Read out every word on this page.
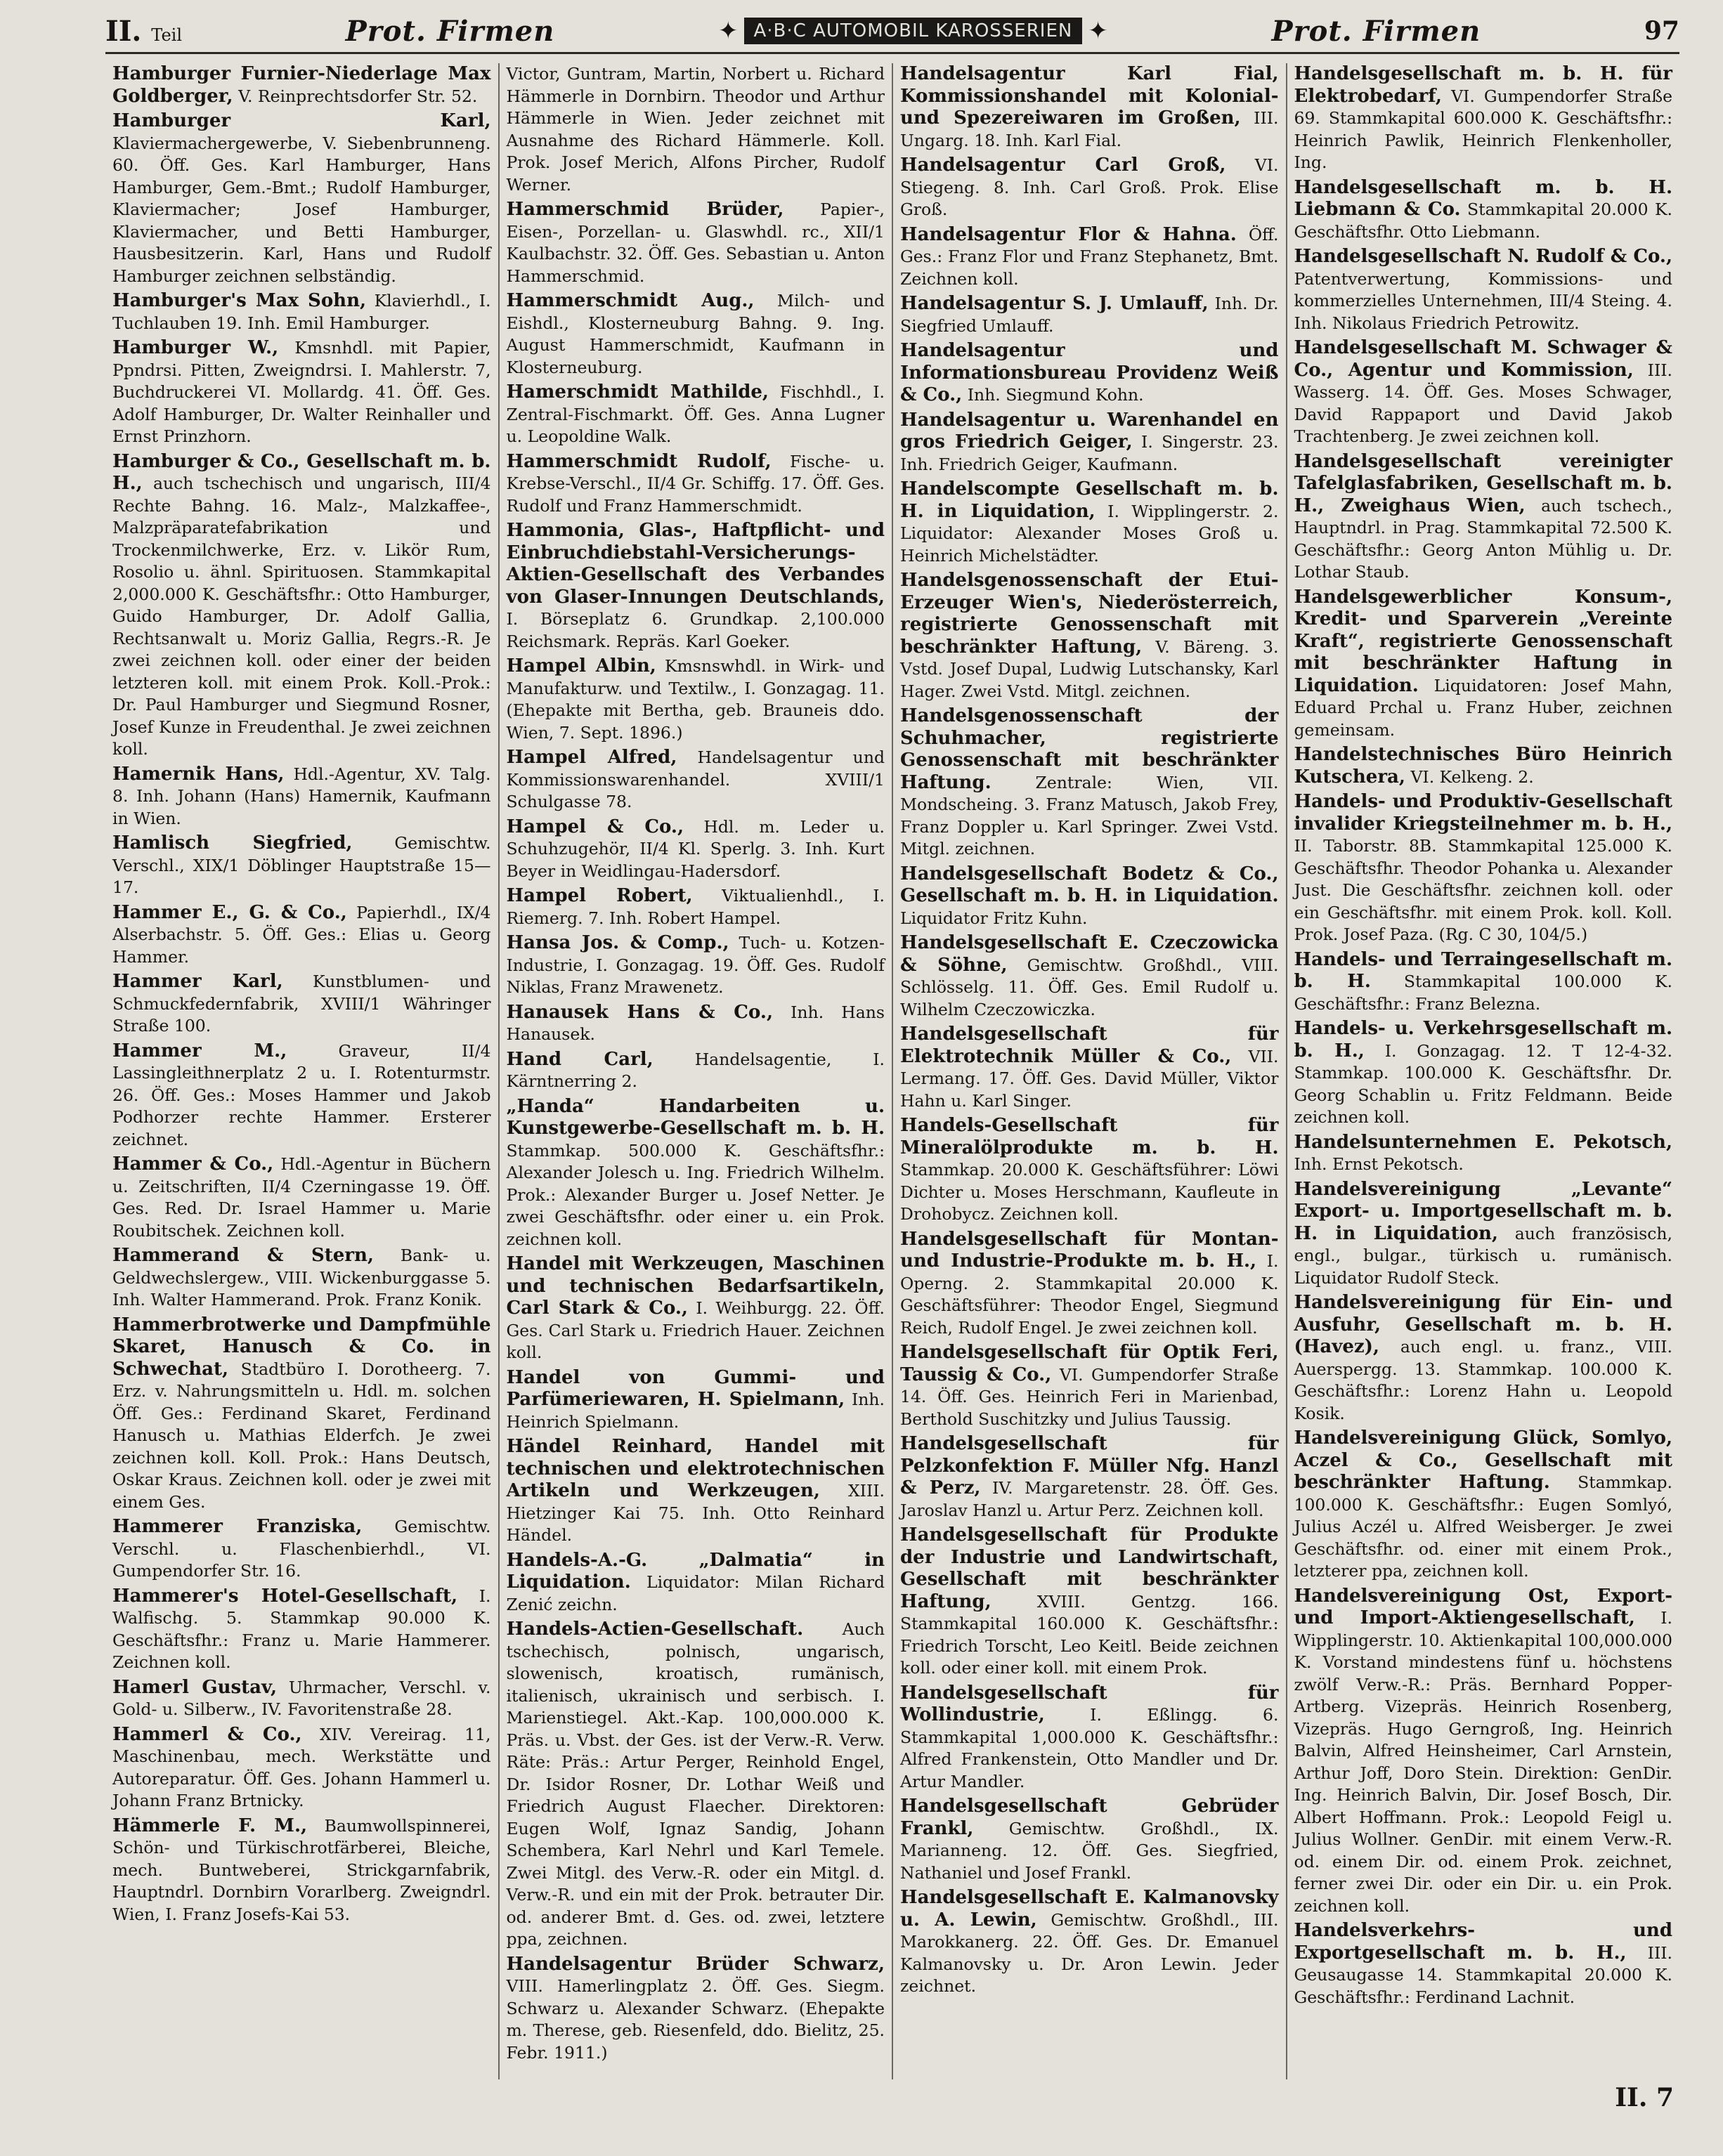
II. Teil	Prot. Firmen	✦ A·B·C AUTOMOBIL KAROSSERIEN ✦	Prot. Firmen	97

Hamburger Furnier-Niederlage Max Goldberger, V. Reinprechtsdorfer Str. 52.

Hamburger Karl, Klaviermachergewerbe, V. Siebenbrunneng. 60. Öff. Ges. Karl Hamburger, Hans Hamburger, Gem.-Bmt.; Rudolf Hamburger, Klaviermacher; Josef Hamburger, Klaviermacher, und Betti Hamburger, Hausbesitzerin. Karl, Hans und Rudolf Hamburger zeichnen selbständig.

Hamburger's Max Sohn, Klavierhdl., I. Tuchlauben 19. Inh. Emil Hamburger.

Hamburger W., Kmsnhdl. mit Papier, Ppndrsi. Pitten, Zweigndrsi. I. Mahlerstr. 7, Buchdruckerei VI. Mollardg. 41. Öff. Ges. Adolf Hamburger, Dr. Walter Reinhaller und Ernst Prinzhorn.

Hamburger & Co., Gesellschaft m. b. H., auch tschechisch und ungarisch, III/4 Rechte Bahng. 16. Malz-, Malzkaffee-, Malzpräparatefabrikation und Trockenmilchwerke, Erz. v. Likör Rum, Rosolio u. ähnl. Spirituosen. Stammkapital 2,000.000 K. Geschäftsfhr.: Otto Hamburger, Guido Hamburger, Dr. Adolf Gallia, Rechtsanwalt u. Moriz Gallia, Regrs.-R. Je zwei zeichnen koll. oder einer der beiden letzteren koll. mit einem Prok. Koll.-Prok.: Dr. Paul Hamburger und Siegmund Rosner, Josef Kunze in Freudenthal. Je zwei zeichnen koll.

Hamernik Hans, Hdl.-Agentur, XV. Talg. 8. Inh. Johann (Hans) Hamernik, Kaufmann in Wien.

Hamlisch Siegfried,	Gemischtw. Verschl., XIX/1 Döblinger Hauptstraße 15—17.

Hammer E., G. & Co., Papierhdl., IX/4 Alserbachstr. 5. Öff. Ges.: Elias u. Georg Hammer.

Hammer Karl, Kunstblumen- und Schmuckfedernfabrik, XVIII/1 Währinger Straße 100.

Hammer M.,	Graveur, II/4 Lassingleithnerplatz 2 u. I. Rotenturmstr. 26. Öff. Ges.: Moses Hammer und Jakob Podhorzer rechte Hammer. Ersterer zeichnet.

Hammer & Co., Hdl.-Agentur in Büchern u. Zeitschriften, II/4 Czerningasse 19. Öff. Ges. Red. Dr. Israel Hammer u. Marie Roubitschek. Zeichnen koll.

Hammerand & Stern, Bank- u. Geldwechslergew., VIII. Wickenburggasse 5. Inh. Walter Hammerand. Prok. Franz Konik.

Hammerbrotwerke und Dampfmühle Skaret, Hanusch & Co. in Schwechat, Stadtbüro I. Dorotheerg. 7. Erz. v. Nahrungsmitteln u. Hdl. m. solchen Öff. Ges.: Ferdinand Skaret, Ferdinand Hanusch u. Mathias Elderfch. Je zwei zeichnen koll. Koll. Prok.: Hans Deutsch, Oskar Kraus. Zeichnen koll. oder je zwei mit einem Ges.

Hammerer Franziska, Gemischtw. Verschl. u. Flaschenbierhdl., VI. Gumpendorfer Str. 16.

Hammerer's Hotel-Gesellschaft, I. Walfischg. 5. Stammkap 90.000 K. Geschäftsfhr.: Franz u. Marie Hammerer. Zeichnen koll.

Hamerl Gustav, Uhrmacher, Verschl. v. Gold- u. Silberw., IV. Favoritenstraße 28.

Hammerl & Co., XIV. Vereirag. 11, Maschinenbau, mech. Werkstätte und Autoreparatur. Öff. Ges. Johann Hammerl u. Johann Franz Brtnicky.

Hämmerle F. M., Baumwollspinnerei, Schön- und Türkischrotfärberei, Bleiche, mech. Buntweberei, Strickgarnfabrik, Hauptndrl. Dornbirn Vorarlberg. Zweigndrl. Wien, I. Franz Josefs-Kai 53.

Victor, Guntram, Martin, Norbert u. Richard Hämmerle in Dornbirn. Theodor und Arthur Hämmerle in Wien. Jeder zeichnet mit Ausnahme des Richard Hämmerle. Koll. Prok. Josef Merich, Alfons Pircher, Rudolf Werner.

Hammerschmid Brüder, Papier-, Eisen-, Porzellan- u. Glaswhdl. rc., XII/1 Kaulbachstr. 32. Öff. Ges. Sebastian u. Anton Hammerschmid.

Hammerschmidt Aug., Milch- und Eishdl., Klosterneuburg Bahng. 9. Ing. August Hammerschmidt, Kaufmann in Klosterneuburg.

Hamerschmidt Mathilde, Fischhdl., I. Zentral-Fischmarkt. Öff. Ges. Anna Lugner u. Leopoldine Walk.

Hammerschmidt Rudolf, Fische- u. Krebse-Verschl., II/4 Gr. Schiffg. 17. Öff. Ges. Rudolf und Franz Hammerschmidt.

Hammonia, Glas-, Haftpflicht- und Einbruchdiebstahl-Versicherungs-Aktien-Gesellschaft des Verbandes von Glaser-Innungen Deutschlands, I. Börseplatz 6. Grundkap. 2,100.000 Reichsmark. Repräs. Karl Goeker.

Hampel Albin, Kmsnswhdl. in Wirk- und Manufakturw. und Textilw., I. Gonzagag. 11. (Ehepakte mit Bertha, geb. Brauneis ddo. Wien, 7. Sept. 1896.)

Hampel Alfred, Handelsagentur und Kommissionswarenhandel. XVIII/1 Schulgasse 78.

Hampel & Co., Hdl. m. Leder u. Schuhzugehör, II/4 Kl. Sperlg. 3. Inh. Kurt Beyer in Weidlingau-Hadersdorf.

Hampel Robert, Viktualienhdl., I. Riemerg. 7. Inh. Robert Hampel.

Hansa Jos. & Comp., Tuch- u. Kotzen-Industrie, I. Gonzagag. 19. Öff. Ges. Rudolf Niklas, Franz Mrawenetz.

Hanausek Hans & Co., Inh. Hans Hanausek.

Hand Carl,	Handelsagentie, I. Kärntnerring 2.

„Handa“ Handarbeiten u. Kunstgewerbe-Gesellschaft m. b. H. Stammkap. 500.000 K. Geschäftsfhr.: Alexander Jolesch u. Ing. Friedrich Wilhelm. Prok.: Alexander Burger u. Josef Netter. Je zwei Geschäftsfhr. oder einer u. ein Prok. zeichnen koll.

Handel mit Werkzeugen, Maschinen und technischen Bedarfsartikeln, Carl Stark & Co., I. Weihburgg. 22. Öff. Ges. Carl Stark u. Friedrich Hauer. Zeichnen koll.

Handel von Gummi- und Parfümeriewaren, H. Spielmann, Inh. Heinrich Spielmann.

Händel Reinhard, Handel mit technischen und elektrotechnischen Artikeln und Werkzeugen, XIII. Hietzinger Kai 75. Inh. Otto Reinhard Händel.

Handels-A.-G. „Dalmatia“ in Liquidation. Liquidator: Milan Richard Zenić zeichn.

Handels-Actien-Gesellschaft. Auch tschechisch, polnisch, ungarisch, slowenisch, kroatisch, rumänisch, italienisch, ukrainisch und serbisch. I. Marienstiegel. Akt.-Kap. 100,000.000 K. Präs. u. Vbst. der Ges. ist der Verw.-R. Verw. Räte: Präs.: Artur Perger, Reinhold Engel, Dr. Isidor Rosner, Dr. Lothar Weiß und Friedrich August Flaecher. Direktoren: Eugen Wolf, Ignaz Sandig, Johann Schembera, Karl Nehrl und Karl Temele. Zwei Mitgl. des Verw.-R. oder ein Mitgl. d. Verw.-R. und ein mit der Prok. betrauter Dir. od. anderer Bmt. d. Ges. od. zwei, letztere ppa, zeichnen.

Handelsagentur Brüder Schwarz, VIII. Hamerlingplatz 2. Öff. Ges. Siegm. Schwarz u. Alexander Schwarz. (Ehepakte m. Therese, geb. Riesenfeld, ddo. Bielitz, 25. Febr. 1911.)

Handelsagentur Karl Fial, Kommissionshandel mit Kolonial- und Spezereiwaren im Großen, III. Ungarg. 18. Inh. Karl Fial.

Handelsagentur Carl Groß, VI. Stiegeng. 8. Inh. Carl Groß. Prok. Elise Groß.

Handelsagentur Flor & Hahna. Öff. Ges.: Franz Flor und Franz Stephanetz, Bmt. Zeichnen koll.

Handelsagentur S. J. Umlauff, Inh. Dr. Siegfried Umlauff.

Handelsagentur und Informationsbureau Providenz Weiß & Co., Inh. Siegmund Kohn.

Handelsagentur u. Warenhandel en gros Friedrich Geiger, I. Singerstr. 23. Inh. Friedrich Geiger, Kaufmann.

Handelscompte Gesellschaft m. b. H. in Liquidation, I. Wipplingerstr. 2. Liquidator: Alexander Moses Groß u. Heinrich Michelstädter.

Handelsgenossenschaft der Etui-Erzeuger Wien's, Niederösterreich, registrierte Genossenschaft mit beschränkter Haftung, V. Bäreng. 3. Vstd. Josef Dupal, Ludwig Lutschansky, Karl Hager. Zwei Vstd. Mitgl. zeichnen.

Handelsgenossenschaft der Schuhmacher, registrierte Genossenschaft mit beschränkter Haftung.	Zentrale: Wien, VII. Mondscheing. 3. Franz Matusch, Jakob Frey, Franz Doppler u. Karl Springer. Zwei Vstd. Mitgl. zeichnen.

Handelsgesellschaft Bodetz & Co., Gesellschaft m. b. H. in Liquidation. Liquidator Fritz Kuhn.

Handelsgesellschaft E. Czeczowicka & Söhne, Gemischtw. Großhdl., VIII. Schlösselg. 11. Öff. Ges. Emil Rudolf u. Wilhelm Czeczowiczka.

Handelsgesellschaft für Elektrotechnik Müller & Co., VII. Lermang. 17. Öff. Ges. David Müller, Viktor Hahn u. Karl Singer.

Handels-Gesellschaft für Mineralölprodukte m. b. H. Stammkap. 20.000 K. Geschäftsführer: Löwi Dichter u. Moses Herschmann, Kaufleute in Drohobycz. Zeichnen koll.

Handelsgesellschaft für Montan- und Industrie-Produkte m. b. H., I. Operng. 2. Stammkapital 20.000 K. Geschäftsführer: Theodor Engel, Siegmund Reich, Rudolf Engel. Je zwei zeichnen koll.

Handelsgesellschaft für Optik Feri, Taussig & Co., VI. Gumpendorfer Straße 14. Öff. Ges. Heinrich Feri in Marienbad, Berthold Suschitzky und Julius Taussig.

Handelsgesellschaft für Pelzkonfektion F. Müller Nfg. Hanzl & Perz, IV. Margaretenstr. 28. Öff. Ges. Jaroslav Hanzl u. Artur Perz. Zeichnen koll.

Handelsgesellschaft für Produkte der Industrie und Landwirtschaft, Gesellschaft mit beschränkter Haftung,	XVIII. Gentzg. 166. Stammkapital 160.000 K. Geschäftsfhr.: Friedrich Torscht, Leo Keitl. Beide zeichnen koll. oder einer koll. mit einem Prok.

Handelsgesellschaft für Wollindustrie,	I. Eßlingg. 6. Stammkapital 1,000.000 K. Geschäftsfhr.: Alfred Frankenstein, Otto Mandler und Dr. Artur Mandler.

Handelsgesellschaft Gebrüder Frankl, Gemischtw. Großhdl., IX. Marianneng. 12. Öff. Ges. Siegfried, Nathaniel und Josef Frankl.

Handelsgesellschaft E. Kalmanovsky u. A. Lewin, Gemischtw. Großhdl., III. Marokkanerg. 22. Öff. Ges. Dr. Emanuel Kalmanovsky u. Dr. Aron Lewin. Jeder zeichnet.

Handelsgesellschaft m. b. H. für Elektrobedarf, VI. Gumpendorfer Straße 69. Stammkapital 600.000 K. Geschäftsfhr.: Heinrich Pawlik, Heinrich Flenkenholler, Ing.

Handelsgesellschaft m. b. H. Liebmann & Co. Stammkapital 20.000 K. Geschäftsfhr. Otto Liebmann.

Handelsgesellschaft N. Rudolf & Co., Patentverwertung, Kommissions- und kommerzielles Unternehmen, III/4 Steing. 4. Inh. Nikolaus Friedrich Petrowitz.

Handelsgesellschaft M. Schwager & Co., Agentur und Kommission, III. Wasserg. 14. Öff. Ges. Moses Schwager, David Rappaport und David Jakob Trachtenberg. Je zwei zeichnen koll.

Handelsgesellschaft vereinigter Tafelglasfabriken, Gesellschaft m. b. H., Zweighaus Wien, auch tschech., Hauptndrl. in Prag. Stammkapital 72.500 K. Geschäftsfhr.: Georg Anton Mühlig u. Dr. Lothar Staub.

Handelsgewerblicher Konsum-, Kredit- und Sparverein „Vereinte Kraft“, registrierte Genossenschaft mit beschränkter Haftung in Liquidation. Liquidatoren: Josef Mahn, Eduard Prchal u. Franz Huber, zeichnen gemeinsam.

Handelstechnisches Büro Heinrich Kutschera, VI. Kelkeng. 2.

Handels- und Produktiv-Gesellschaft invalider Kriegsteilnehmer m. b. H., II. Taborstr. 8B. Stammkapital 125.000 K. Geschäftsfhr. Theodor Pohanka u. Alexander Just. Die Geschäftsfhr. zeichnen koll. oder ein Geschäftsfhr. mit einem Prok. koll. Koll. Prok. Josef Paza. (Rg. C 30, 104/5.)

Handels- und Terraingesellschaft m. b. H. Stammkapital 100.000 K. Geschäftsfhr.: Franz Belezna.

Handels- u. Verkehrsgesellschaft m. b. H., I. Gonzagag. 12. T 12-4-32. Stammkap. 100.000 K. Geschäftsfhr. Dr. Georg Schablin u. Fritz Feldmann. Beide zeichnen koll.

Handelsunternehmen E. Pekotsch, Inh. Ernst Pekotsch.

Handelsvereinigung „Levante“ Export- u. Importgesellschaft m. b. H. in Liquidation, auch französisch, engl., bulgar., türkisch u. rumänisch. Liquidator Rudolf Steck.

Handelsvereinigung für Ein- und Ausfuhr, Gesellschaft m. b. H. (Havez), auch engl. u. franz., VIII. Auerspergg. 13. Stammkap. 100.000 K. Geschäftsfhr.: Lorenz Hahn u. Leopold Kosik.

Handelsvereinigung Glück, Somlyo, Aczel & Co., Gesellschaft mit beschränkter Haftung. Stammkap. 100.000 K. Geschäftsfhr.: Eugen Somlyó, Julius Aczél u. Alfred Weisberger. Je zwei Geschäftsfhr. od. einer mit einem Prok., letzterer ppa, zeichnen koll.

Handelsvereinigung Ost, Export- und Import-Aktiengesellschaft, I. Wipplingerstr. 10. Aktienkapital 100,000.000 K. Vorstand mindestens fünf u. höchstens zwölf Verw.-R.: Präs. Bernhard Popper-Artberg. Vizepräs. Heinrich Rosenberg, Vizepräs. Hugo Gerngroß, Ing. Heinrich Balvin, Alfred Heinsheimer, Carl Arnstein, Arthur Joff, Doro Stein. Direktion: GenDir. Ing. Heinrich Balvin, Dir. Josef Bosch, Dir. Albert Hoffmann. Prok.: Leopold Feigl u. Julius Wollner. GenDir. mit einem Verw.-R. od. einem Dir. od. einem Prok. zeichnet, ferner zwei Dir. oder ein Dir. u. ein Prok. zeichnen koll.

Handelsverkehrs- und Exportgesellschaft m. b. H., III. Geusaugasse 14. Stammkapital 20.000 K. Geschäftsfhr.: Ferdinand Lachnit.

II. 7
